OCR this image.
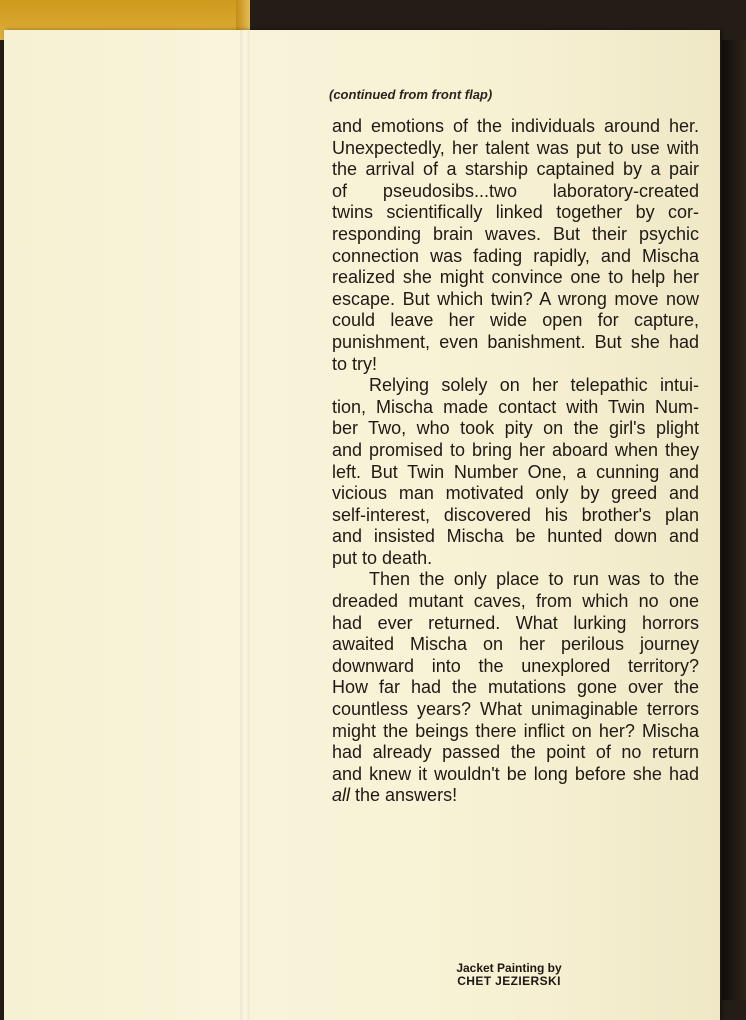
(continued from front flap)
and emotions of the individuals around her.
Unexpectedly, her talent was put to use with
the arrival of a starship captained by a pair
of pseudosibs...two laboratory-created
twins scientifically linked together by cor-
responding brain waves. But their psychic
connection was fading rapidly, and Mischa
realized she might convince one to help her
escape. But which twin? A wrong move now
could leave her wide open for capture,
punishment, even banishment. But she had
to try!
Relying solely on her telepathic intui-
tion, Mischa made contact with Twin Num-
ber Two, who took pity on the girl's plight
and promised to bring her aboard when they
left. But Twin Number One, a cunning and
vicious man motivated only by greed and
self-interest, discovered his brother's plan
and insisted Mischa be hunted down and
put to death.
Then the only place to run was to the
dreaded mutant caves, from which no one
had ever returned. What lurking horrors
awaited Mischa on her perilous journey
downward into the unexplored territory?
How far had the mutations gone over the
countless years? What unimaginable terrors
might the beings there inflict on her? Mischa
had already passed the point of no return
and knew it wouldn't be long before she had
all the answers!
Jacket Painting by
CHET JEZIERSKI
